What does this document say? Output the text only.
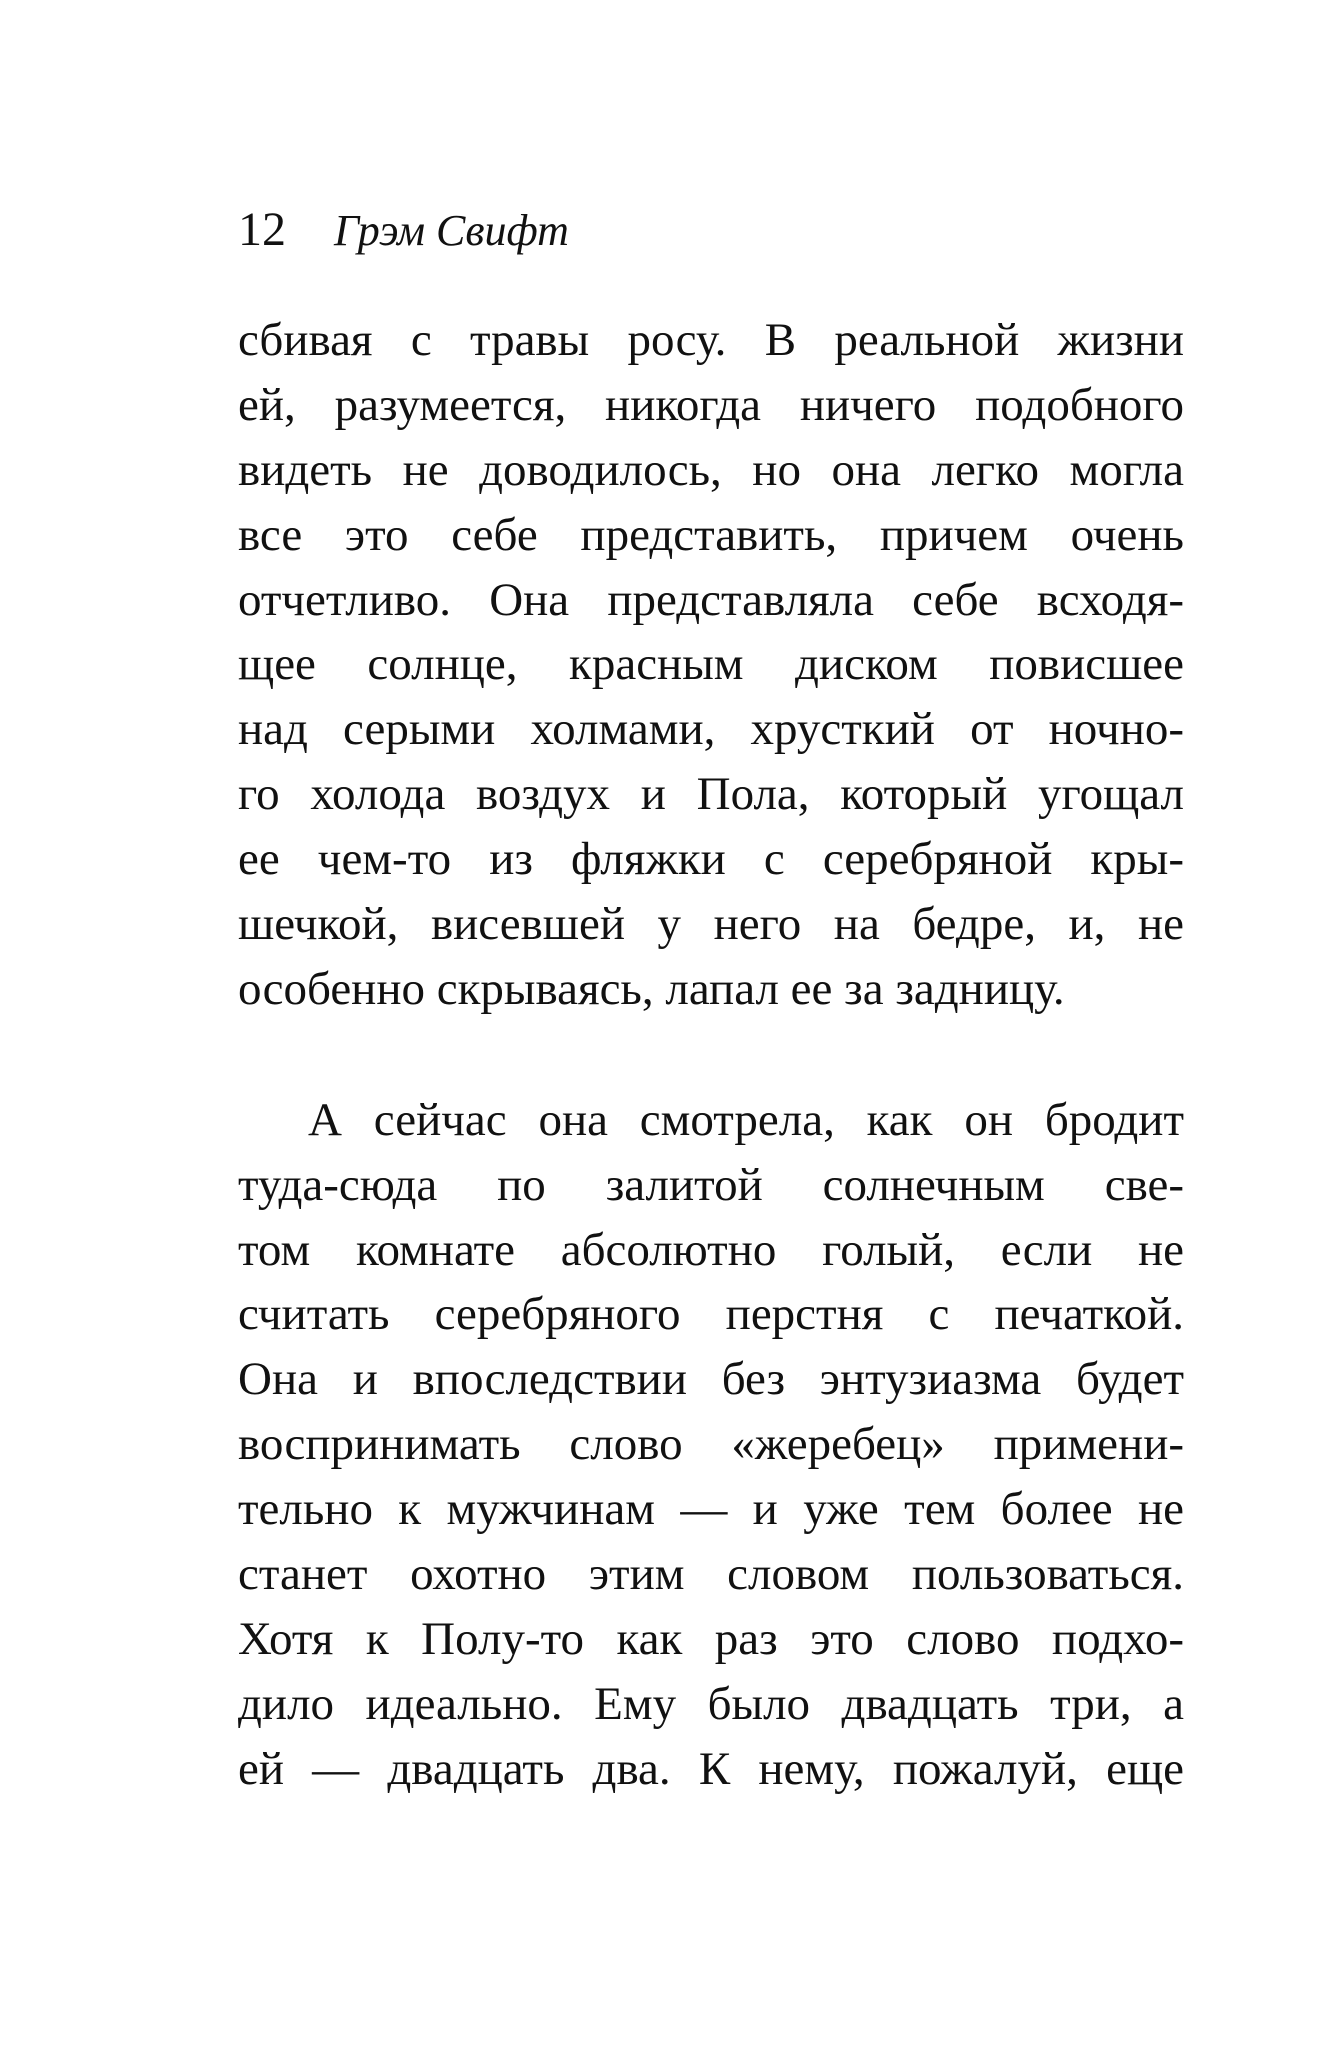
12 Грэм Свифт

сбивая с травы росу. В реальной жизни
ей, разумеется, никогда ничего подобного
видеть не доводилось, но она легко могла
все это себе представить, причем очень
отчетливо. Она представляла себе всходя-
щее солнце, красным диском повисшее
над серыми холмами, хрусткий от ночно-
го холода воздух и Пола, который угощал
ее чем-то из фляжки с серебряной кры-
шечкой, висевшей у него на бедре, и, не
особенно скрываясь, лапал ее за задницу.

А сейчас она смотрела, как он бродит
туда-сюда по залитой солнечным све-
том комнате абсолютно голый, если не
считать серебряного перстня с печаткой.
Она и впоследствии без энтузиазма будет
воспринимать слово «жеребец» примени-
тельно к мужчинам — и уже тем более не
станет охотно этим словом пользоваться.
Хотя к Полу-то как раз это слово подхо-
дило идеально. Ему было двадцать три, а
ей — двадцать два. К нему, пожалуй, еще
